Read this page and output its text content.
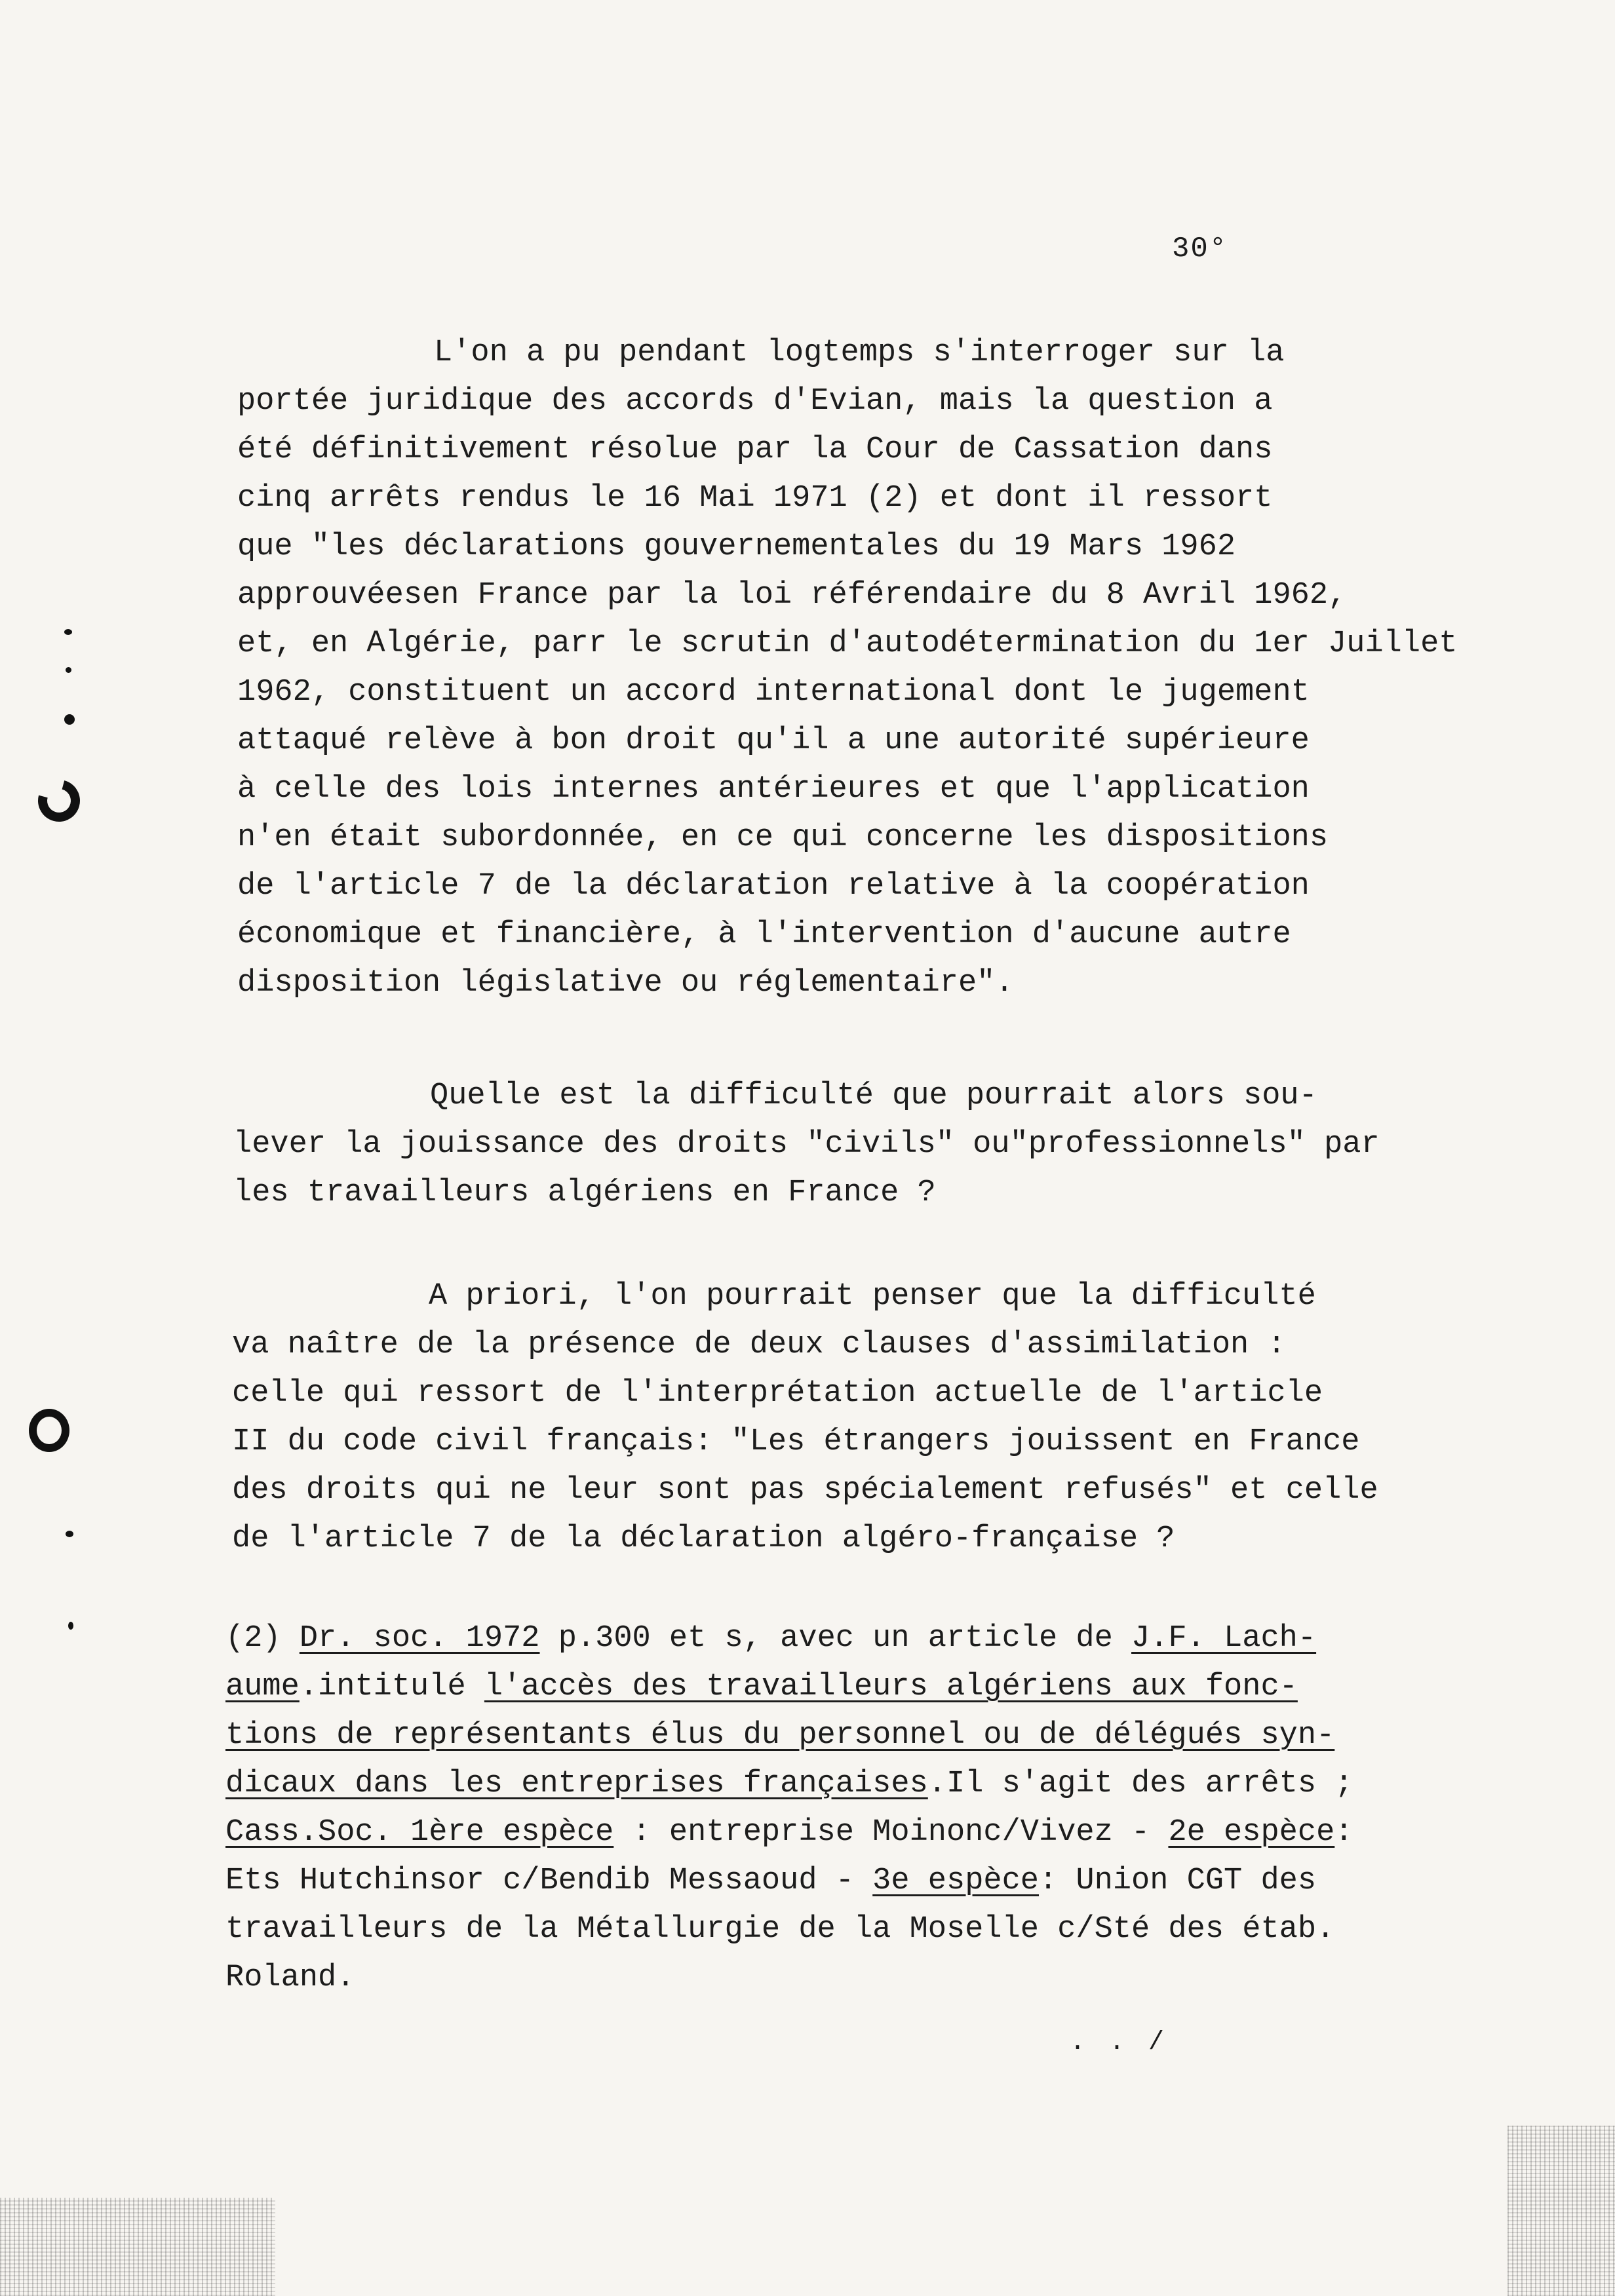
30°
L'on a pu pendant logtemps s'interroger sur la
portée juridique des accords d'Evian, mais la question a
été définitivement résolue par la Cour de Cassation dans
cinq arrêts rendus le 16 Mai 1971 (2) et dont il ressort
que "les déclarations gouvernementales du 19 Mars 1962
approuvéesen France par la loi référendaire du 8 Avril 1962,
et, en Algérie, parr le scrutin d'autodétermination du 1er Juillet
1962, constituent un accord international dont le jugement
attaqué relève à bon droit qu'il a une autorité supérieure
à celle des lois internes antérieures et que l'application
n'en était subordonnée, en ce qui concerne les dispositions
de l'article 7 de la déclaration relative à la coopération
économique et financière, à l'intervention d'aucune autre
disposition législative ou réglementaire".
Quelle est la difficulté que pourrait alors sou-
lever la jouissance des droits "civils" ou"professionnels" par
les travailleurs algériens en France ?
A priori, l'on pourrait penser que la difficulté
va naître de la présence de deux clauses d'assimilation :
celle qui ressort de l'interprétation actuelle de l'article
II du code civil français: "Les étrangers jouissent en France
des droits qui ne leur sont pas spécialement refusés" et celle
de l'article 7 de la déclaration algéro-française ?
(2) Dr. soc. 1972 p.300 et s, avec un article de J.F. Lach-
aume.intitulé l'accès des travailleurs algériens aux fonc-
tions de représentants élus du personnel ou de délégués syn-
dicaux dans les entreprises françaises.Il s'agit des arrêts ;
Cass.Soc. 1ère espèce : entreprise Moinonc/Vivez - 2e espèce:
Ets Hutchinsor c/Bendib Messaoud - 3e espèce: Union CGT des
travailleurs de la Métallurgie de la Moselle c/Sté des étab.
Roland.
. . /
